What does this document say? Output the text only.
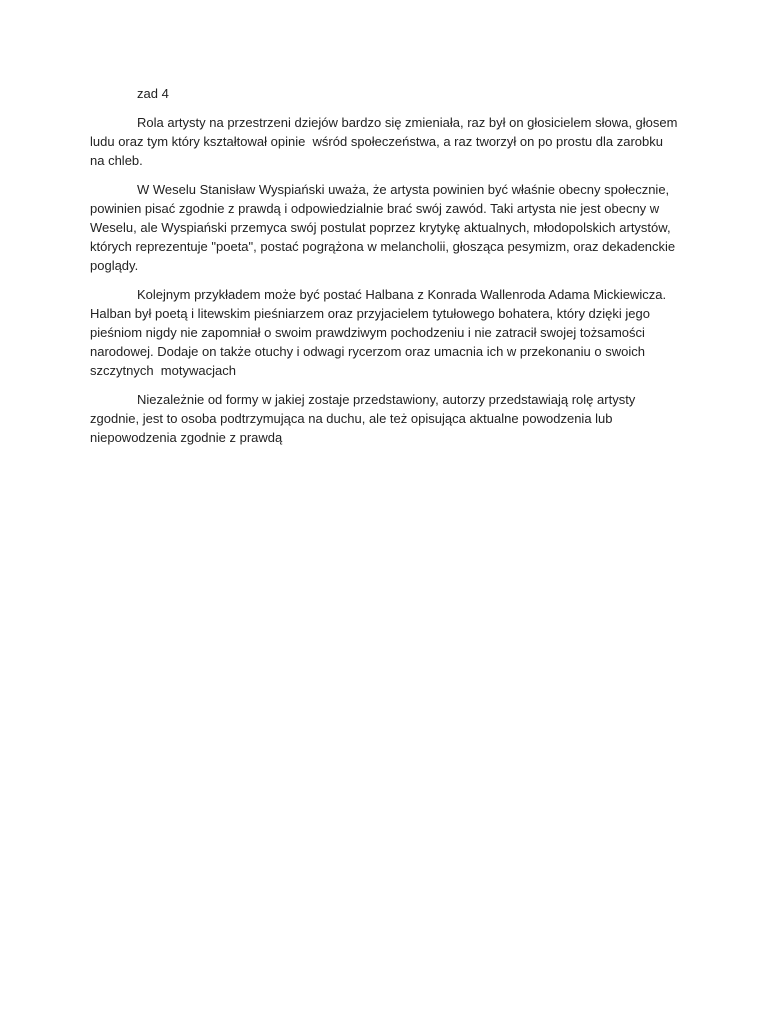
zad 4

Rola artysty na przestrzeni dziejów bardzo się zmieniała, raz był on głosicielem słowa, głosem ludu oraz tym który kształtował opinie  wśród społeczeństwa, a raz tworzył on po prostu dla zarobku na chleb.

W Weselu Stanisław Wyspiański uważa, że artysta powinien być właśnie obecny społecznie, powinien pisać zgodnie z prawdą i odpowiedzialnie brać swój zawód. Taki artysta nie jest obecny w Weselu, ale Wyspiański przemyca swój postulat poprzez krytykę aktualnych, młodopolskich artystów, których reprezentuje "poeta", postać pogrążona w melancholii, głosząca pesymizm, oraz dekadenckie poglądy.

Kolejnym przykładem może być postać Halbana z Konrada Wallenroda Adama Mickiewicza. Halban był poetą i litewskim pieśniarzem oraz przyjacielem tytułowego bohatera, który dzięki jego pieśniom nigdy nie zapomniał o swoim prawdziwym pochodzeniu i nie zatracił swojej tożsamości narodowej. Dodaje on także otuchy i odwagi rycerzom oraz umacnia ich w przekonaniu o swoich szczytnych  motywacjach

Niezależnie od formy w jakiej zostaje przedstawiony, autorzy przedstawiają rolę artysty zgodnie, jest to osoba podtrzymująca na duchu, ale też opisująca aktualne powodzenia lub niepowodzenia zgodnie z prawdą
